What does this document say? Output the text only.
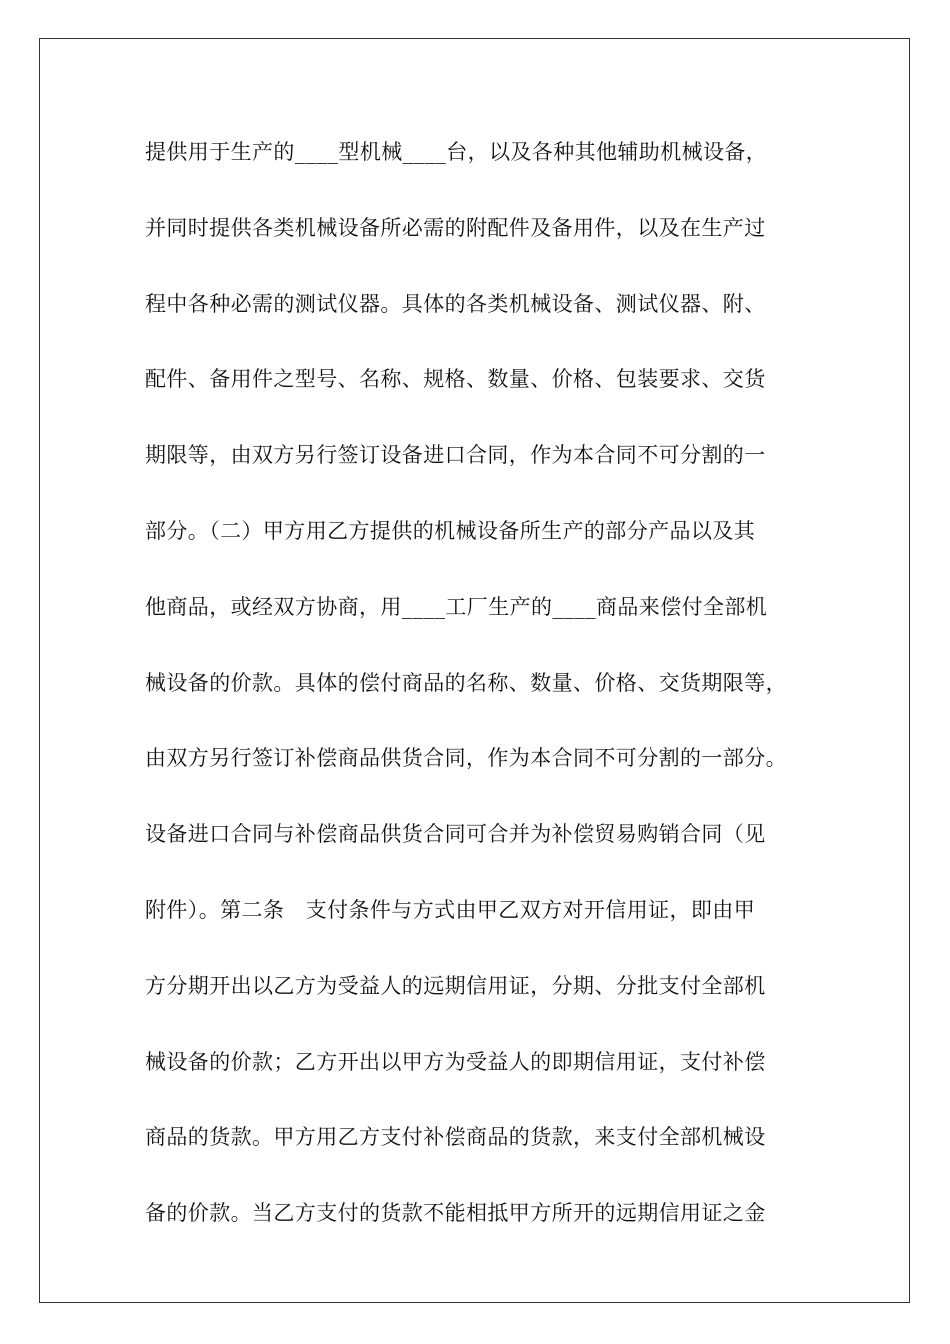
提供用于生产的____型机械____台，以及各种其他辅助机械设备，
并同时提供各类机械设备所必需的附配件及备用件，以及在生产过
程中各种必需的测试仪器。具体的各类机械设备、测试仪器、附、
配件、备用件之型号、名称、规格、数量、价格、包装要求、交货
期限等，由双方另行签订设备进口合同，作为本合同不可分割的一
部分。（二）甲方用乙方提供的机械设备所生产的部分产品以及其
他商品，或经双方协商，用____工厂生产的____商品来偿付全部机
械设备的价款。具体的偿付商品的名称、数量、价格、交货期限等，
由双方另行签订补偿商品供货合同，作为本合同不可分割的一部分。
设备进口合同与补偿商品供货合同可合并为补偿贸易购销合同（见
附件）。第二条　支付条件与方式由甲乙双方对开信用证，即由甲
方分期开出以乙方为受益人的远期信用证，分期、分批支付全部机
械设备的价款；乙方开出以甲方为受益人的即期信用证，支付补偿
商品的货款。甲方用乙方支付补偿商品的货款，来支付全部机械设
备的价款。当乙方支付的货款不能相抵甲方所开的远期信用证之金
